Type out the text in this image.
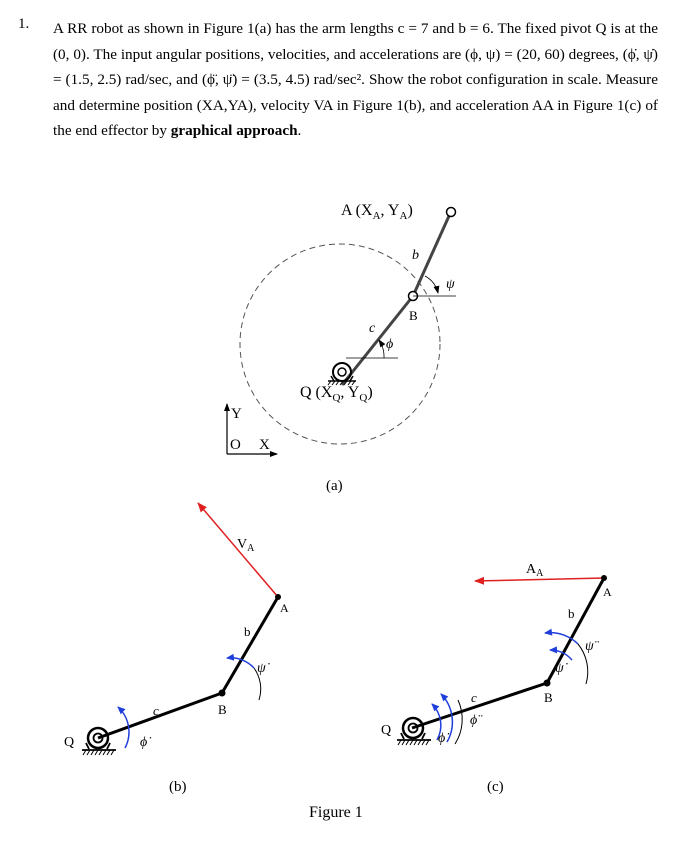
1. A RR robot as shown in Figure 1(a) has the arm lengths c = 7 and b = 6. The fixed pivot Q is at the (0, 0). The input angular positions, velocities, and accelerations are (ϕ, ψ) = (20, 60) degrees, (ϕ̇, ψ̇) = (1.5, 2.5) rad/sec, and (ϕ̈, ψ̈) = (3.5, 4.5) rad/sec². Show the robot configuration in scale. Measure and determine position (XA,YA), velocity VA in Figure 1(b), and acceleration AA in Figure 1(c) of the end effector by graphical approach.
A ($X_A$, $Y_A$)
b
ψ
B
c
ϕ
Q ($X_Q$, $Y_Q$)
Y
O X
(a)
$V_A$
A
b
ψ̇
B
c
Q	ϕ̇
(b)
$A_A$
A
b
ψ̈
ψ̇
B
c
Q
ϕ̇
ϕ̈
(c)
Figure 1
